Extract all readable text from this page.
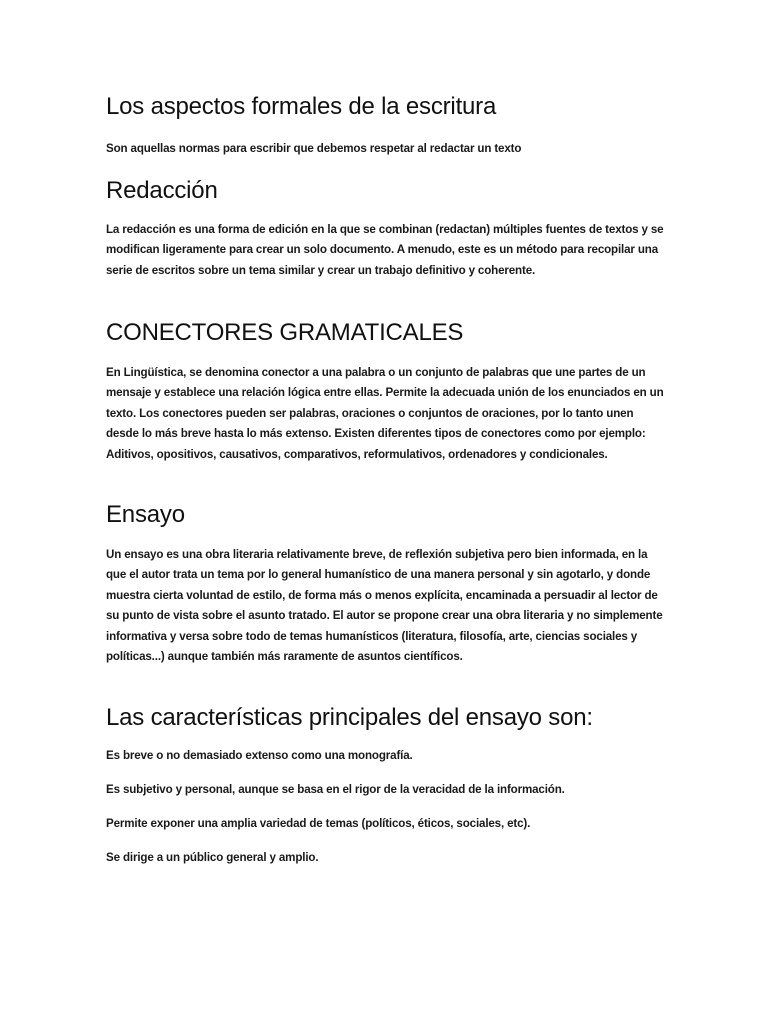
Los aspectos formales de la escritura

Son aquellas normas para escribir que debemos respetar al redactar un texto

Redacción

La redacción es una forma de edición en la que se combinan (redactan) múltiples fuentes de textos y se modifican ligeramente para crear un solo documento. A menudo, este es un método para recopilar una serie de escritos sobre un tema similar y crear un trabajo definitivo y coherente.

CONECTORES GRAMATICALES

En Lingüística, se denomina conector a una palabra o un conjunto de palabras que une partes de un mensaje y establece una relación lógica entre ellas. Permite la adecuada unión de los enunciados en un texto. Los conectores pueden ser palabras, oraciones o conjuntos de oraciones, por lo tanto unen desde lo más breve hasta lo más extenso. Existen diferentes tipos de conectores como por ejemplo: Aditivos, opositivos, causativos, comparativos, reformulativos, ordenadores y condicionales.

Ensayo

Un ensayo es una obra literaria relativamente breve, de reflexión subjetiva pero bien informada, en la que el autor trata un tema por lo general humanístico de una manera personal y sin agotarlo, y donde muestra cierta voluntad de estilo, de forma más o menos explícita, encaminada a persuadir al lector de su punto de vista sobre el asunto tratado. El autor se propone crear una obra literaria y no simplemente informativa y versa sobre todo de temas humanísticos (literatura, filosofía, arte, ciencias sociales y políticas...) aunque también más raramente de asuntos científicos.

Las características principales del ensayo son:

Es breve o no demasiado extenso como una monografía.

Es subjetivo y personal, aunque se basa en el rigor de la veracidad de la información.

Permite exponer una amplia variedad de temas (políticos, éticos, sociales, etc).

Se dirige a un público general y amplio.
